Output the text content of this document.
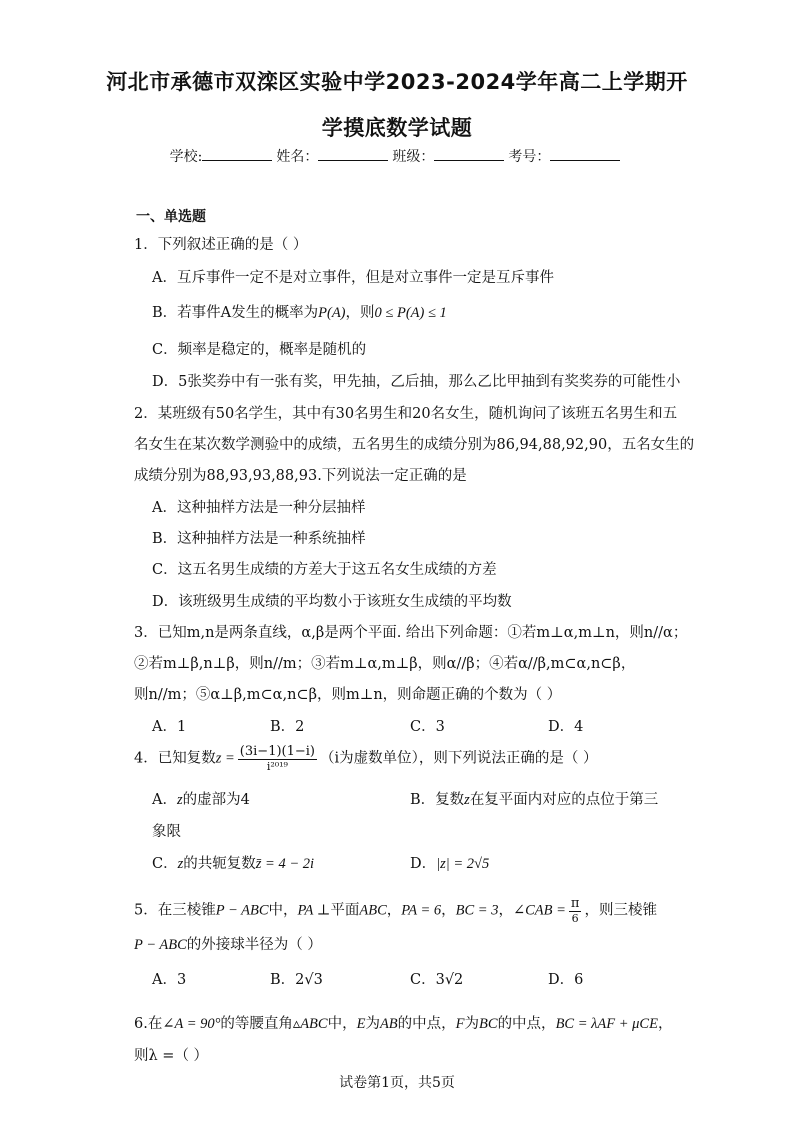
河北市承德市双滦区实验中学2023-2024学年高二上学期开
学摸底数学试题
学校:	姓名：	班级：	考号：
一、单选题
1．下列叙述正确的是（ ）
A．互斥事件一定不是对立事件，但是对立事件一定是互斥事件
B．若事件A发生的概率为P(A)，则0 ≤ P(A) ≤ 1
C．频率是稳定的，概率是随机的
D．5张奖券中有一张有奖，甲先抽，乙后抽，那么乙比甲抽到有奖奖券的可能性小
2．某班级有50名学生，其中有30名男生和20名女生，随机询问了该班五名男生和五
名女生在某次数学测验中的成绩，五名男生的成绩分别为86,94,88,92,90，五名女生的
成绩分别为88,93,93,88,93.下列说法一定正确的是
A．这种抽样方法是一种分层抽样
B．这种抽样方法是一种系统抽样
C．这五名男生成绩的方差大于这五名女生成绩的方差
D．该班级男生成绩的平均数小于该班女生成绩的平均数
3．已知m,n是两条直线，α,β是两个平面. 给出下列命题：①若m⊥α,m⊥n，则n//α；
②若m⊥β,n⊥β，则n//m；③若m⊥α,m⊥β，则α//β；④若α//β,m⊂α,n⊂β，
则n//m；⑤α⊥β,m⊂α,n⊂β，则m⊥n，则命题正确的个数为（ ）
A．1	B．2	C．3	D．4
4．已知复数$z = \frac{(3i-1)(1-i)}{\text{i²⁰¹⁹}} (i$为虚数单位），则下列说法正确的是（ ）
A．z的虚部为4	B．复数z在复平面内对应的点位于第三
象限
C．z的共轭复数z̄ = 4 − 2i	D．|z| = 2√5
5．在三棱锥P − ABC中，PA ⊥平面ABC，PA = 6，BC = 3，∠CAB = $\frac{\pi}{6}$ ，则三棱锥
P − ABC的外接球半径为（ ）
A．3	B．2√3	C．3√2	D．6
6.在∠A = 90°的等腰直角▵ABC中，E为AB的中点，F为BC的中点，BC = λAF + μCE，
则λ =（ ）
试卷第1页，共5页
